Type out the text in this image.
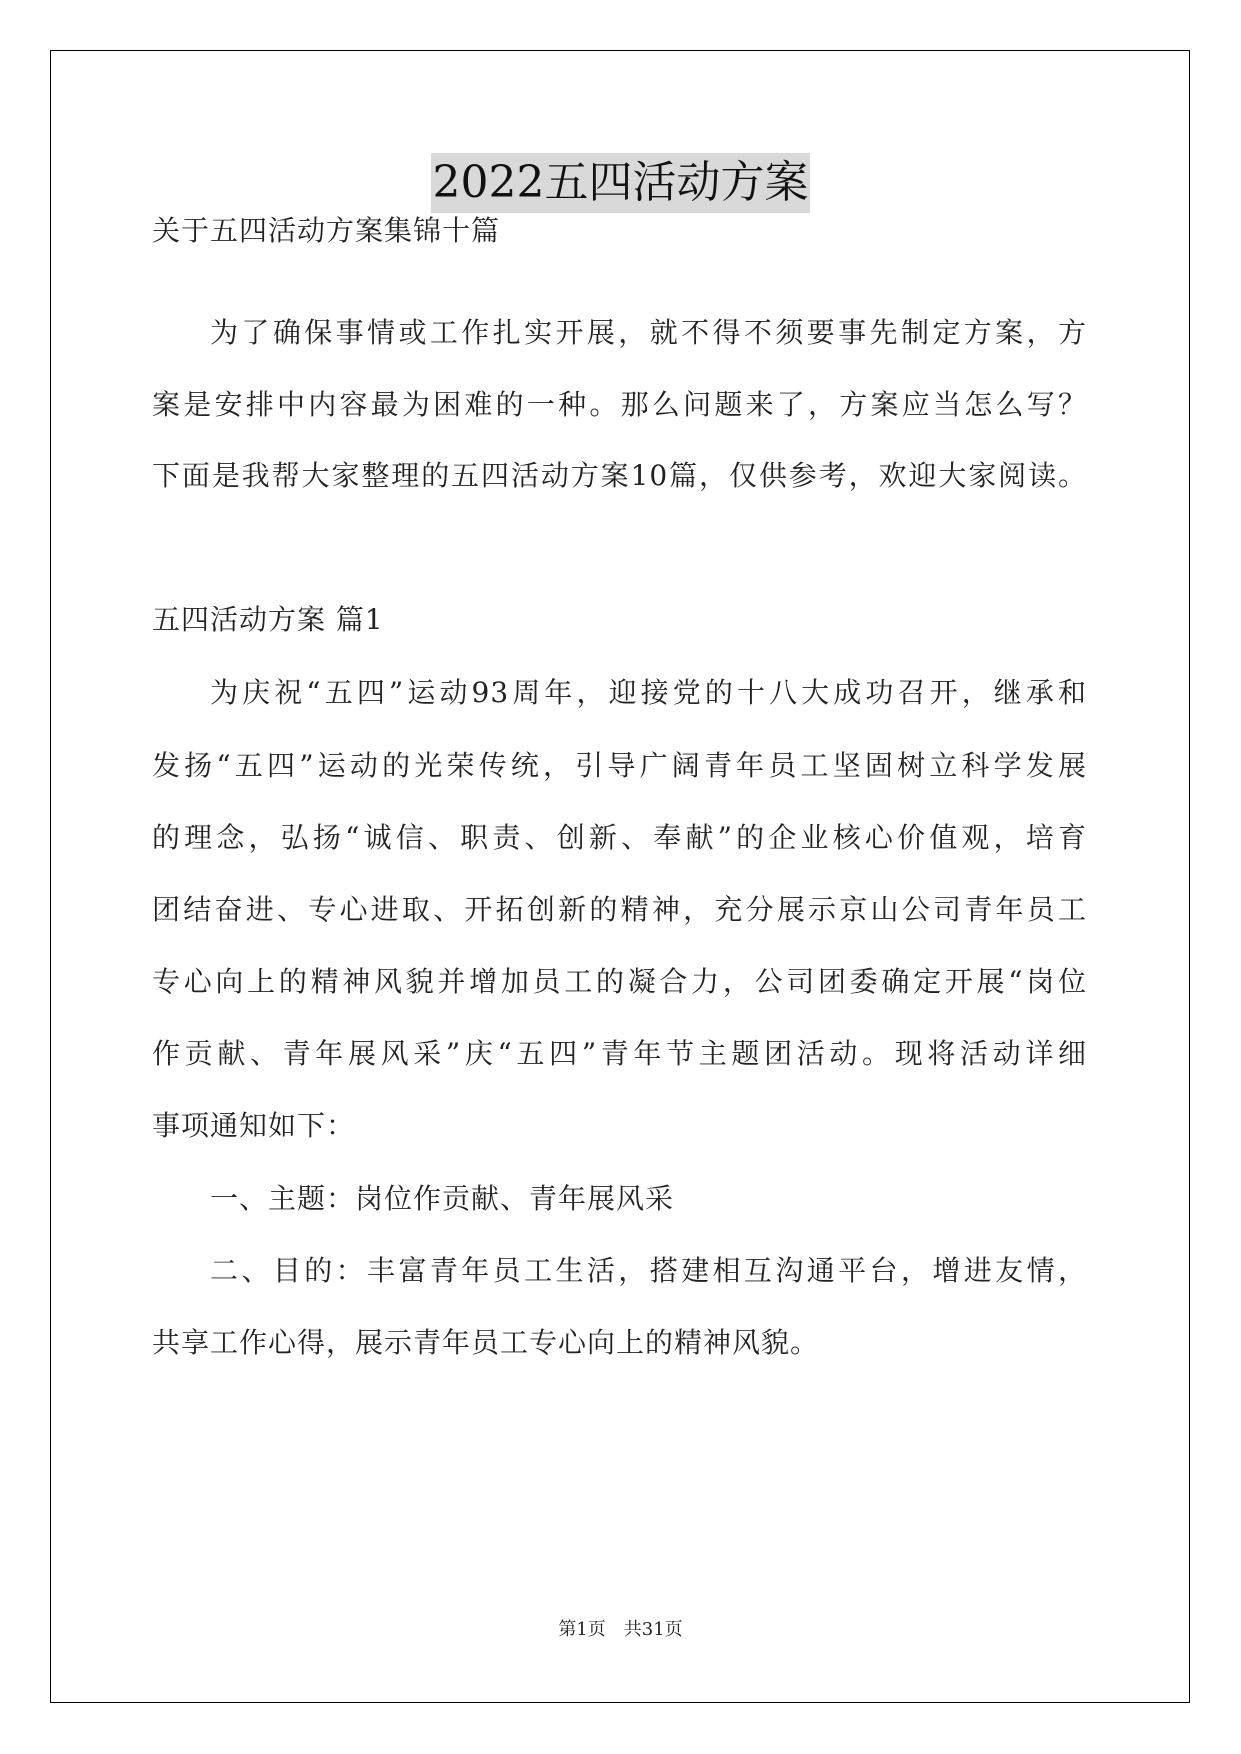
2022五四活动方案
关于五四活动方案集锦十篇
为了确保事情或工作扎实开展，就不得不须要事先制定方案，方
案是安排中内容最为困难的一种。那么问题来了，方案应当怎么写？
下面是我帮大家整理的五四活动方案10篇，仅供参考，欢迎大家阅读。
五四活动方案 篇1
为庆祝“五四”运动93周年，迎接党的十八大成功召开，继承和
发扬“五四”运动的光荣传统，引导广阔青年员工坚固树立科学发展
的理念，弘扬“诚信、职责、创新、奉献”的企业核心价值观，培育
团结奋进、专心进取、开拓创新的精神，充分展示京山公司青年员工
专心向上的精神风貌并增加员工的凝合力，公司团委确定开展“岗位
作贡献、青年展风采”庆“五四”青年节主题团活动。现将活动详细
事项通知如下：
一、主题：岗位作贡献、青年展风采
二、目的：丰富青年员工生活，搭建相互沟通平台，增进友情，
共享工作心得，展示青年员工专心向上的精神风貌。
第1页　共31页
